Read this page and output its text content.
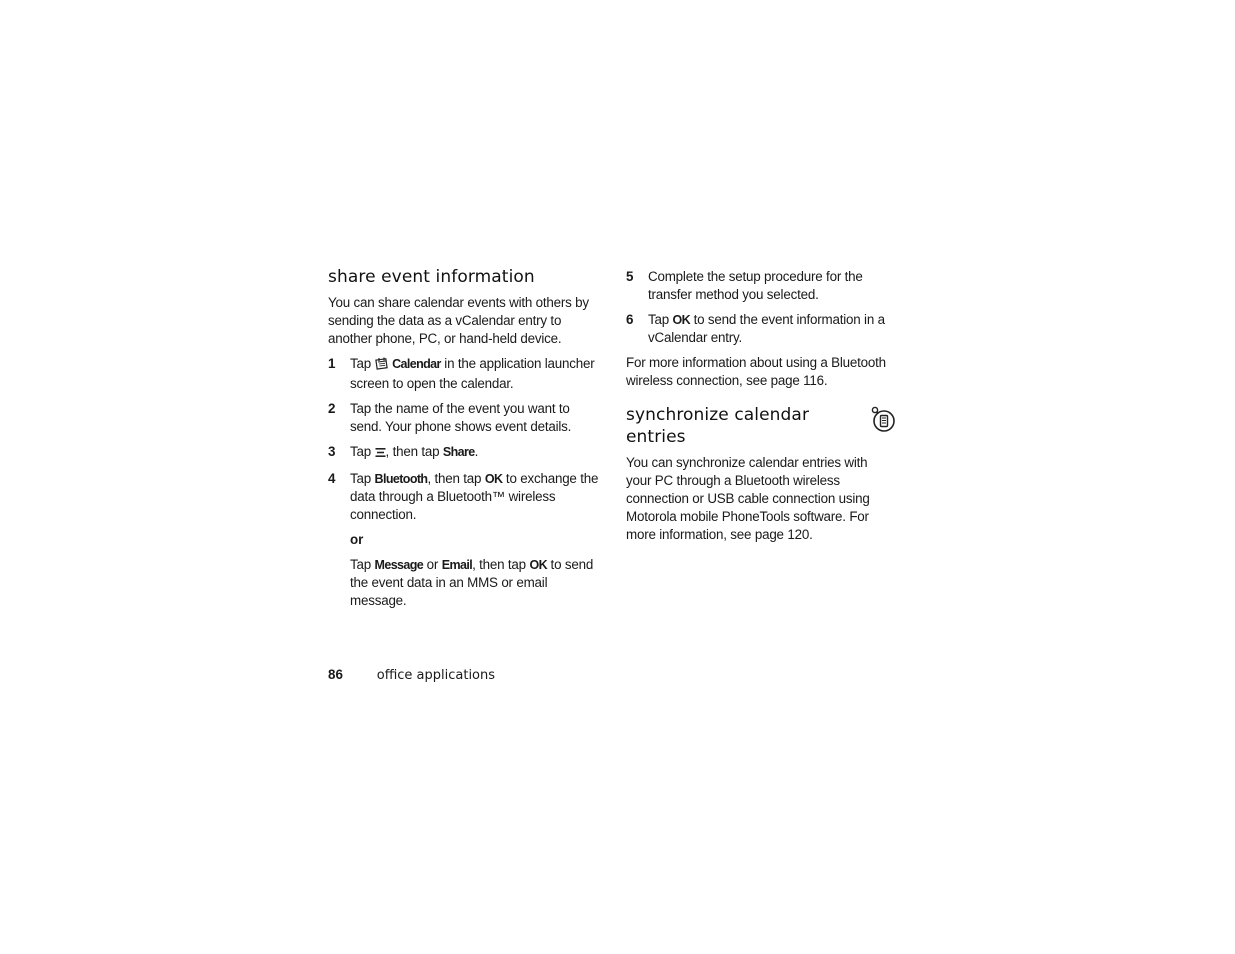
share event information

You can share calendar events with others by sending the data as a vCalendar entry to another phone, PC, or hand-held device.

1	Tap Calendar in the application launcher screen to open the calendar.
2	Tap the name of the event you want to send. Your phone shows event details.
3	Tap , then tap Share.
4	Tap Bluetooth, then tap OK to exchange the data through a Bluetooth™ wireless connection.
or
Tap Message or Email, then tap OK to send the event data in an MMS or email message.
5	Complete the setup procedure for the transfer method you selected.
6	Tap OK to send the event information in a vCalendar entry.

For more information about using a Bluetooth wireless connection, see page 116.

synchronize calendar entries

You can synchronize calendar entries with your PC through a Bluetooth wireless connection or USB cable connection using Motorola mobile PhoneTools software. For more information, see page 120.

86	office applications
